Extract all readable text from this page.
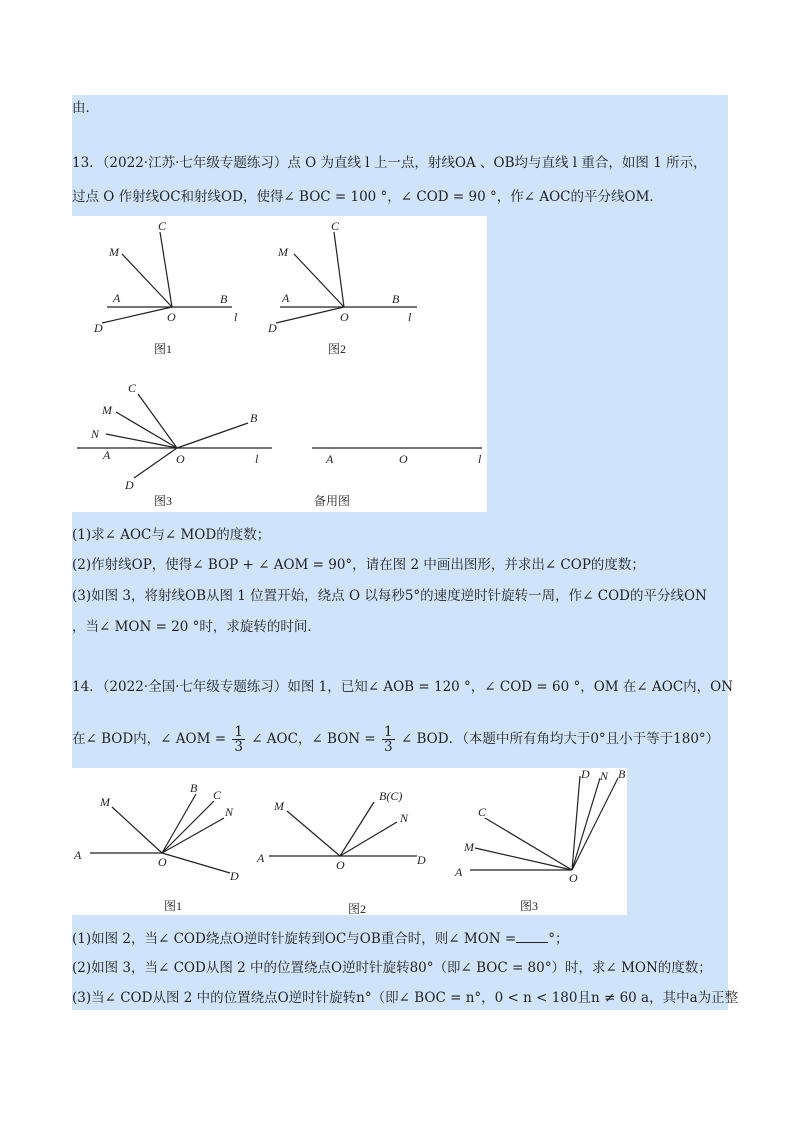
由．
13．（2022·江苏·七年级专题练习）点 O 为直线 l 上一点，射线OA 、OB均与直线 l 重合，如图 1 所示，
过点 O 作射线OC和射线OD，使得∠ BOC = 100 °，∠ COD = 90 °，作∠ AOC的平分线OM．
C
M
A	B
O	l
D
图1
C
M
A	B
O	l
D
图2
C
M
N
B
A	O	l
D
图3
A	O	l
备用图
(1)求∠ AOC与∠ MOD的度数；
(2)作射线OP，使得∠ BOP + ∠ AOM = 90°，请在图 2 中画出图形，并求出∠ COP的度数；
(3)如图 3，将射线OB从图 1 位置开始，绕点 O 以每秒5°的速度逆时针旋转一周，作∠ COD的平分线ON
，当∠ MON = 20 °时，求旋转的时间．
14．（2022·全国·七年级专题练习）如图 1，已知∠ AOB = 120 °，∠ COD = 60 °，OM 在∠ AOC内，ON
在∠ BOD内，∠ AOM = $\frac{1}{3}$ ∠ AOC，∠ BON = $\frac{1}{3}$ ∠ BOD．（本题中所有角均大于0°且小于等于180°）
M
B C
N
A	O
D
图1
M
B(C)
N
A	O	D
图2
C
M
A	O
D N B
图3
(1)如图 2，当∠ COD绕点O逆时针旋转到OC与OB重合时，则∠ MON = °；
(2)如图 3，当∠ COD从图 2 中的位置绕点O逆时针旋转80°（即∠ BOC = 80°）时，求∠ MON的度数；
(3)当∠ COD从图 2 中的位置绕点O逆时针旋转n°（即∠ BOC = n°，0 < n < 180且n ≠ 60 a，其中a为正整
